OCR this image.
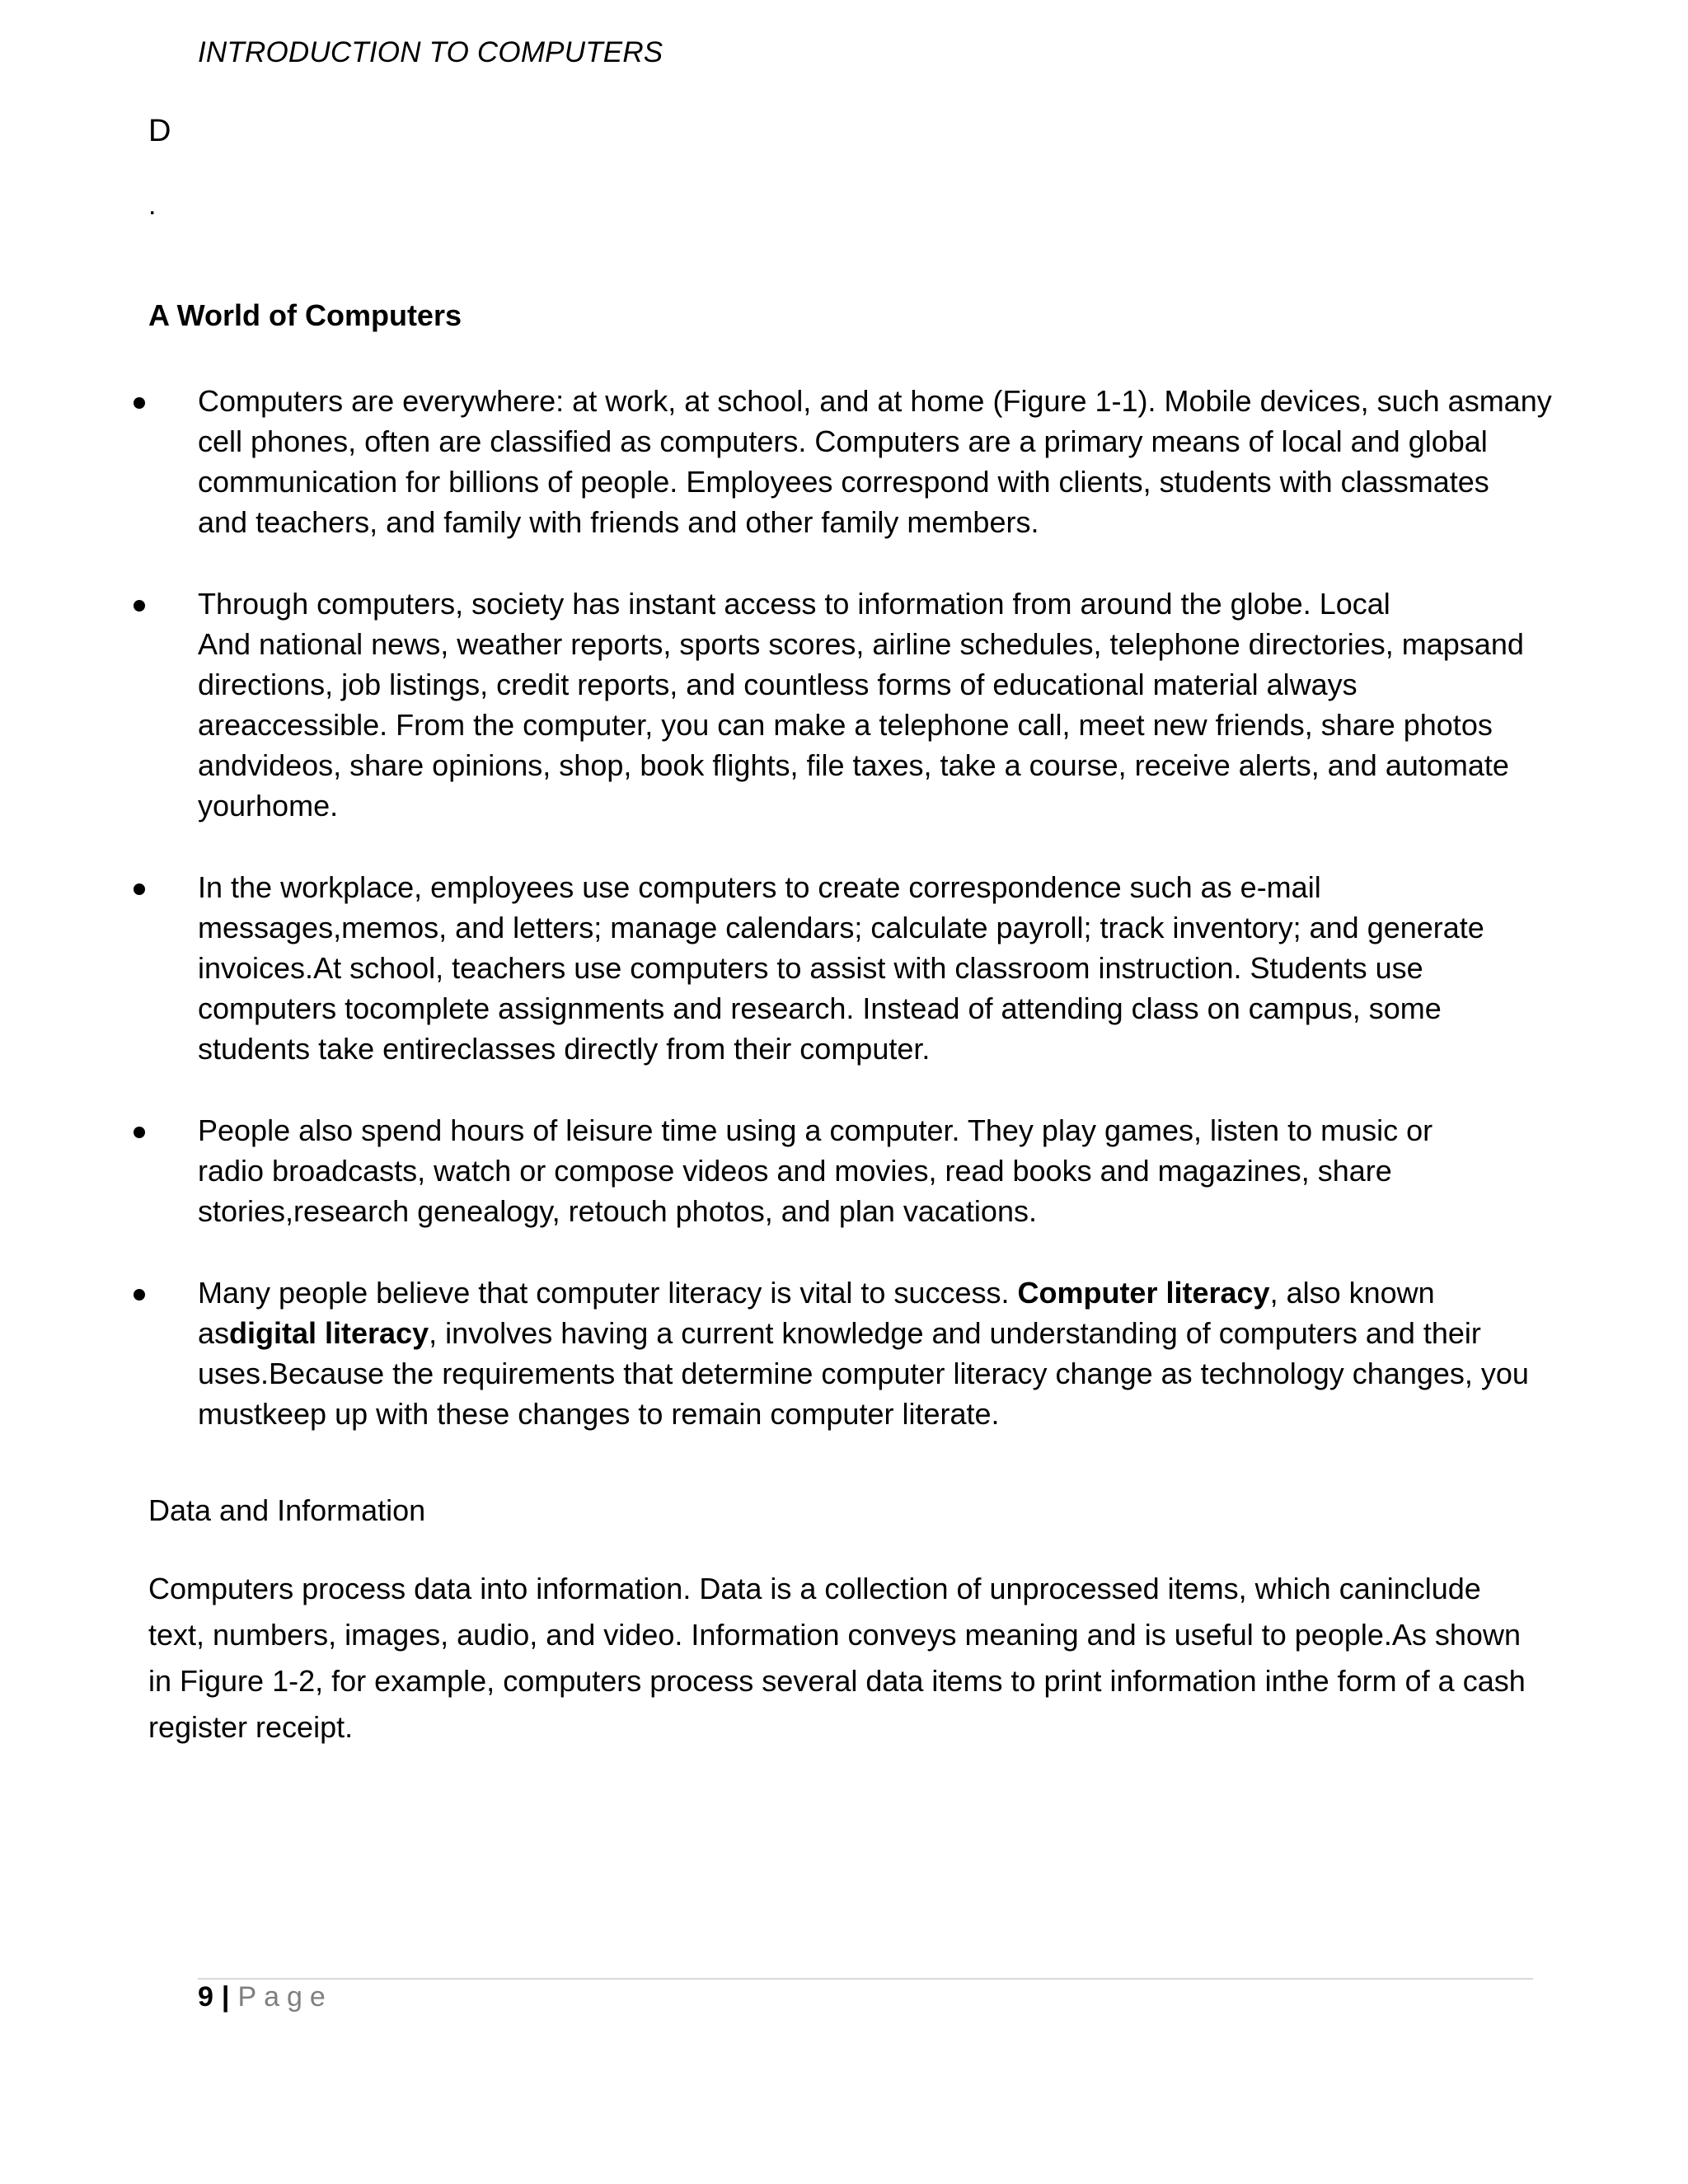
INTRODUCTION TO COMPUTERS
D
.
A World of Computers
Computers are everywhere: at work, at school, and at home (Figure 1-1). Mobile devices, such asmany
cell phones, often are classified as computers. Computers are a primary means of local and global
communication for billions of people. Employees correspond with clients, students with classmates
and teachers, and family with friends and other family members.
Through computers, society has instant access to information from around the globe. Local
And national news, weather reports, sports scores, airline schedules, telephone directories, mapsand
directions, job listings, credit reports, and countless forms of educational material always
areaccessible. From the computer, you can make a telephone call, meet new friends, share photos
andvideos, share opinions, shop, book flights, file taxes, take a course, receive alerts, and automate
yourhome.
In the workplace, employees use computers to create correspondence such as e-mail
messages,memos, and letters; manage calendars; calculate payroll; track inventory; and generate
invoices.At school, teachers use computers to assist with classroom instruction. Students use
computers tocomplete assignments and research. Instead of attending class on campus, some
students take entireclasses directly from their computer.
People also spend hours of leisure time using a computer. They play games, listen to music or
radio broadcasts, watch or compose videos and movies, read books and magazines, share
stories,research genealogy, retouch photos, and plan vacations.
Many people believe that computer literacy is vital to success. Computer literacy, also known
asdigital literacy, involves having a current knowledge and understanding of computers and their
uses.Because the requirements that determine computer literacy change as technology changes, you
mustkeep up with these changes to remain computer literate.
Data and Information
Computers process data into information. Data is a collection of unprocessed items, which caninclude
text, numbers, images, audio, and video. Information conveys meaning and is useful to people.As shown
in Figure 1-2, for example, computers process several data items to print information inthe form of a cash
register receipt.
9 | Page
